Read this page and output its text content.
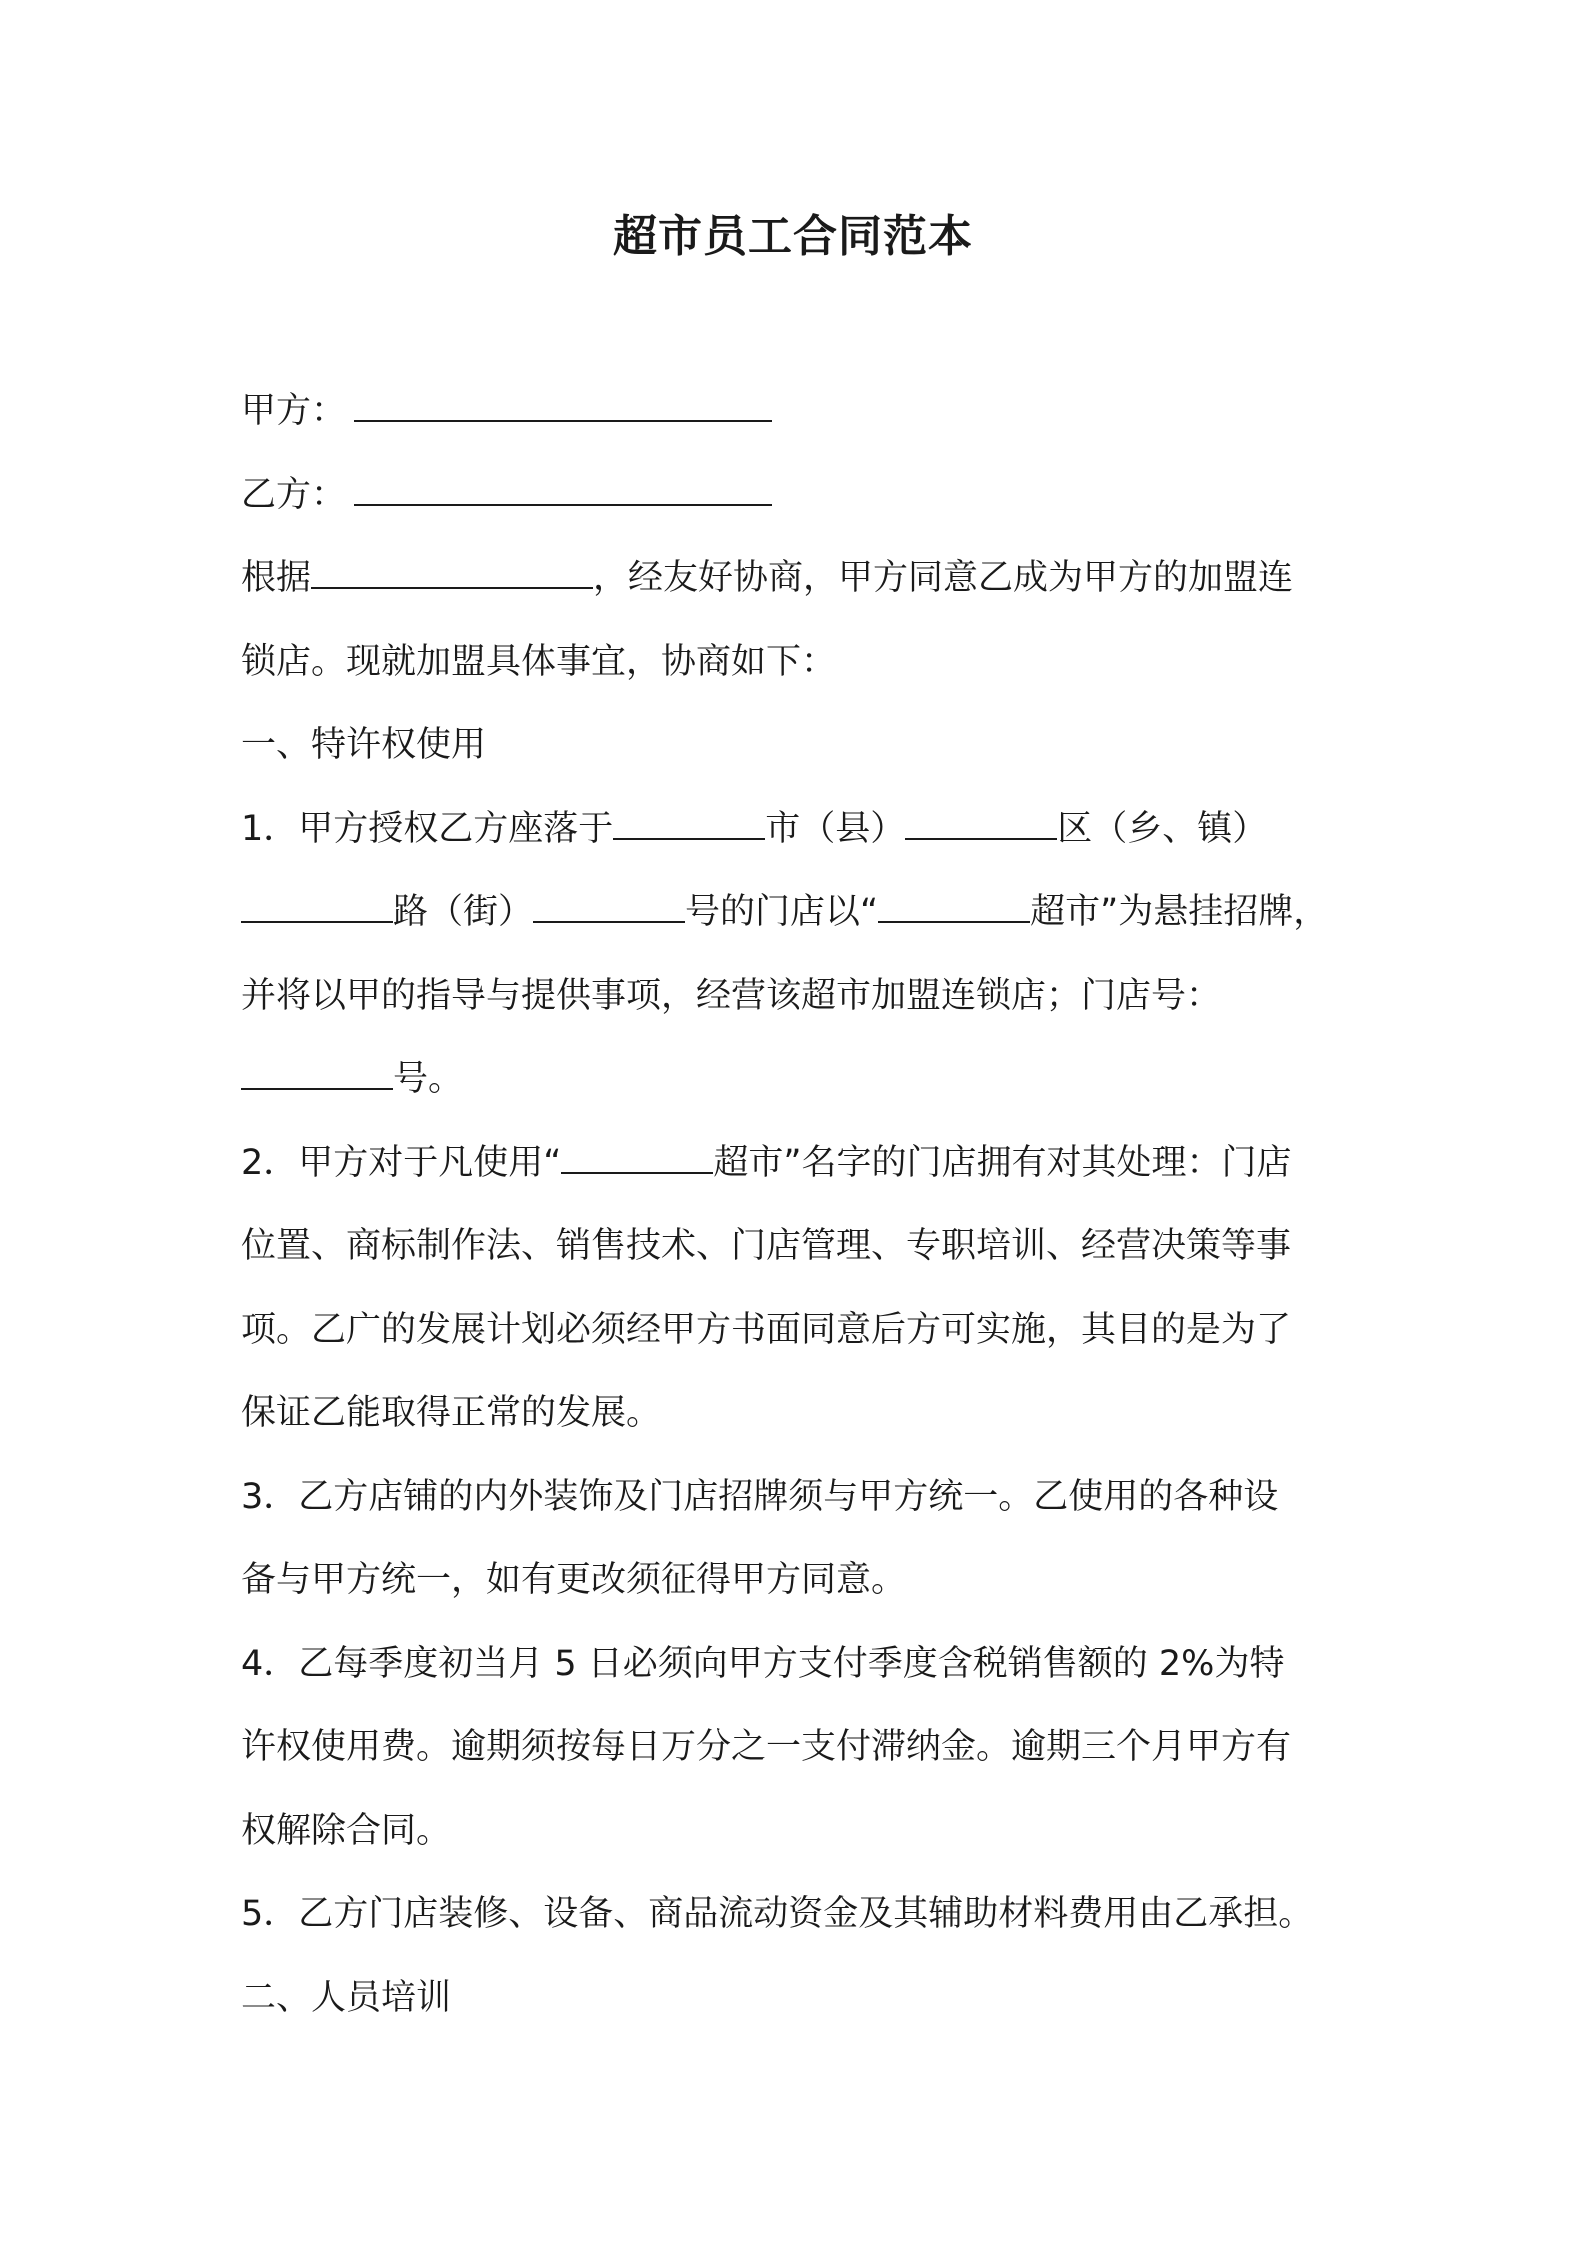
超市员工合同范本
甲方：
乙方：
根据	，经友好协商，甲方同意乙成为甲方的加盟连
锁店。现就加盟具体事宜，协商如下：
一、特许权使用
1．甲方授权乙方座落于	市（县）	区（乡、镇）
路（街）	号的门店以“	超市”为悬挂招牌，
并将以甲的指导与提供事项，经营该超市加盟连锁店；门店号：
号。
2．甲方对于凡使用“	超市”名字的门店拥有对其处理：门店
位置、商标制作法、销售技术、门店管理、专职培训、经营决策等事
项。乙广的发展计划必须经甲方书面同意后方可实施，其目的是为了
保证乙能取得正常的发展。
3．乙方店铺的内外装饰及门店招牌须与甲方统一。乙使用的各种设
备与甲方统一，如有更改须征得甲方同意。
4．乙每季度初当月 5 日必须向甲方支付季度含税销售额的 2%为特
许权使用费。逾期须按每日万分之一支付滞纳金。逾期三个月甲方有
权解除合同。
5．乙方门店装修、设备、商品流动资金及其辅助材料费用由乙承担。
二、人员培训
